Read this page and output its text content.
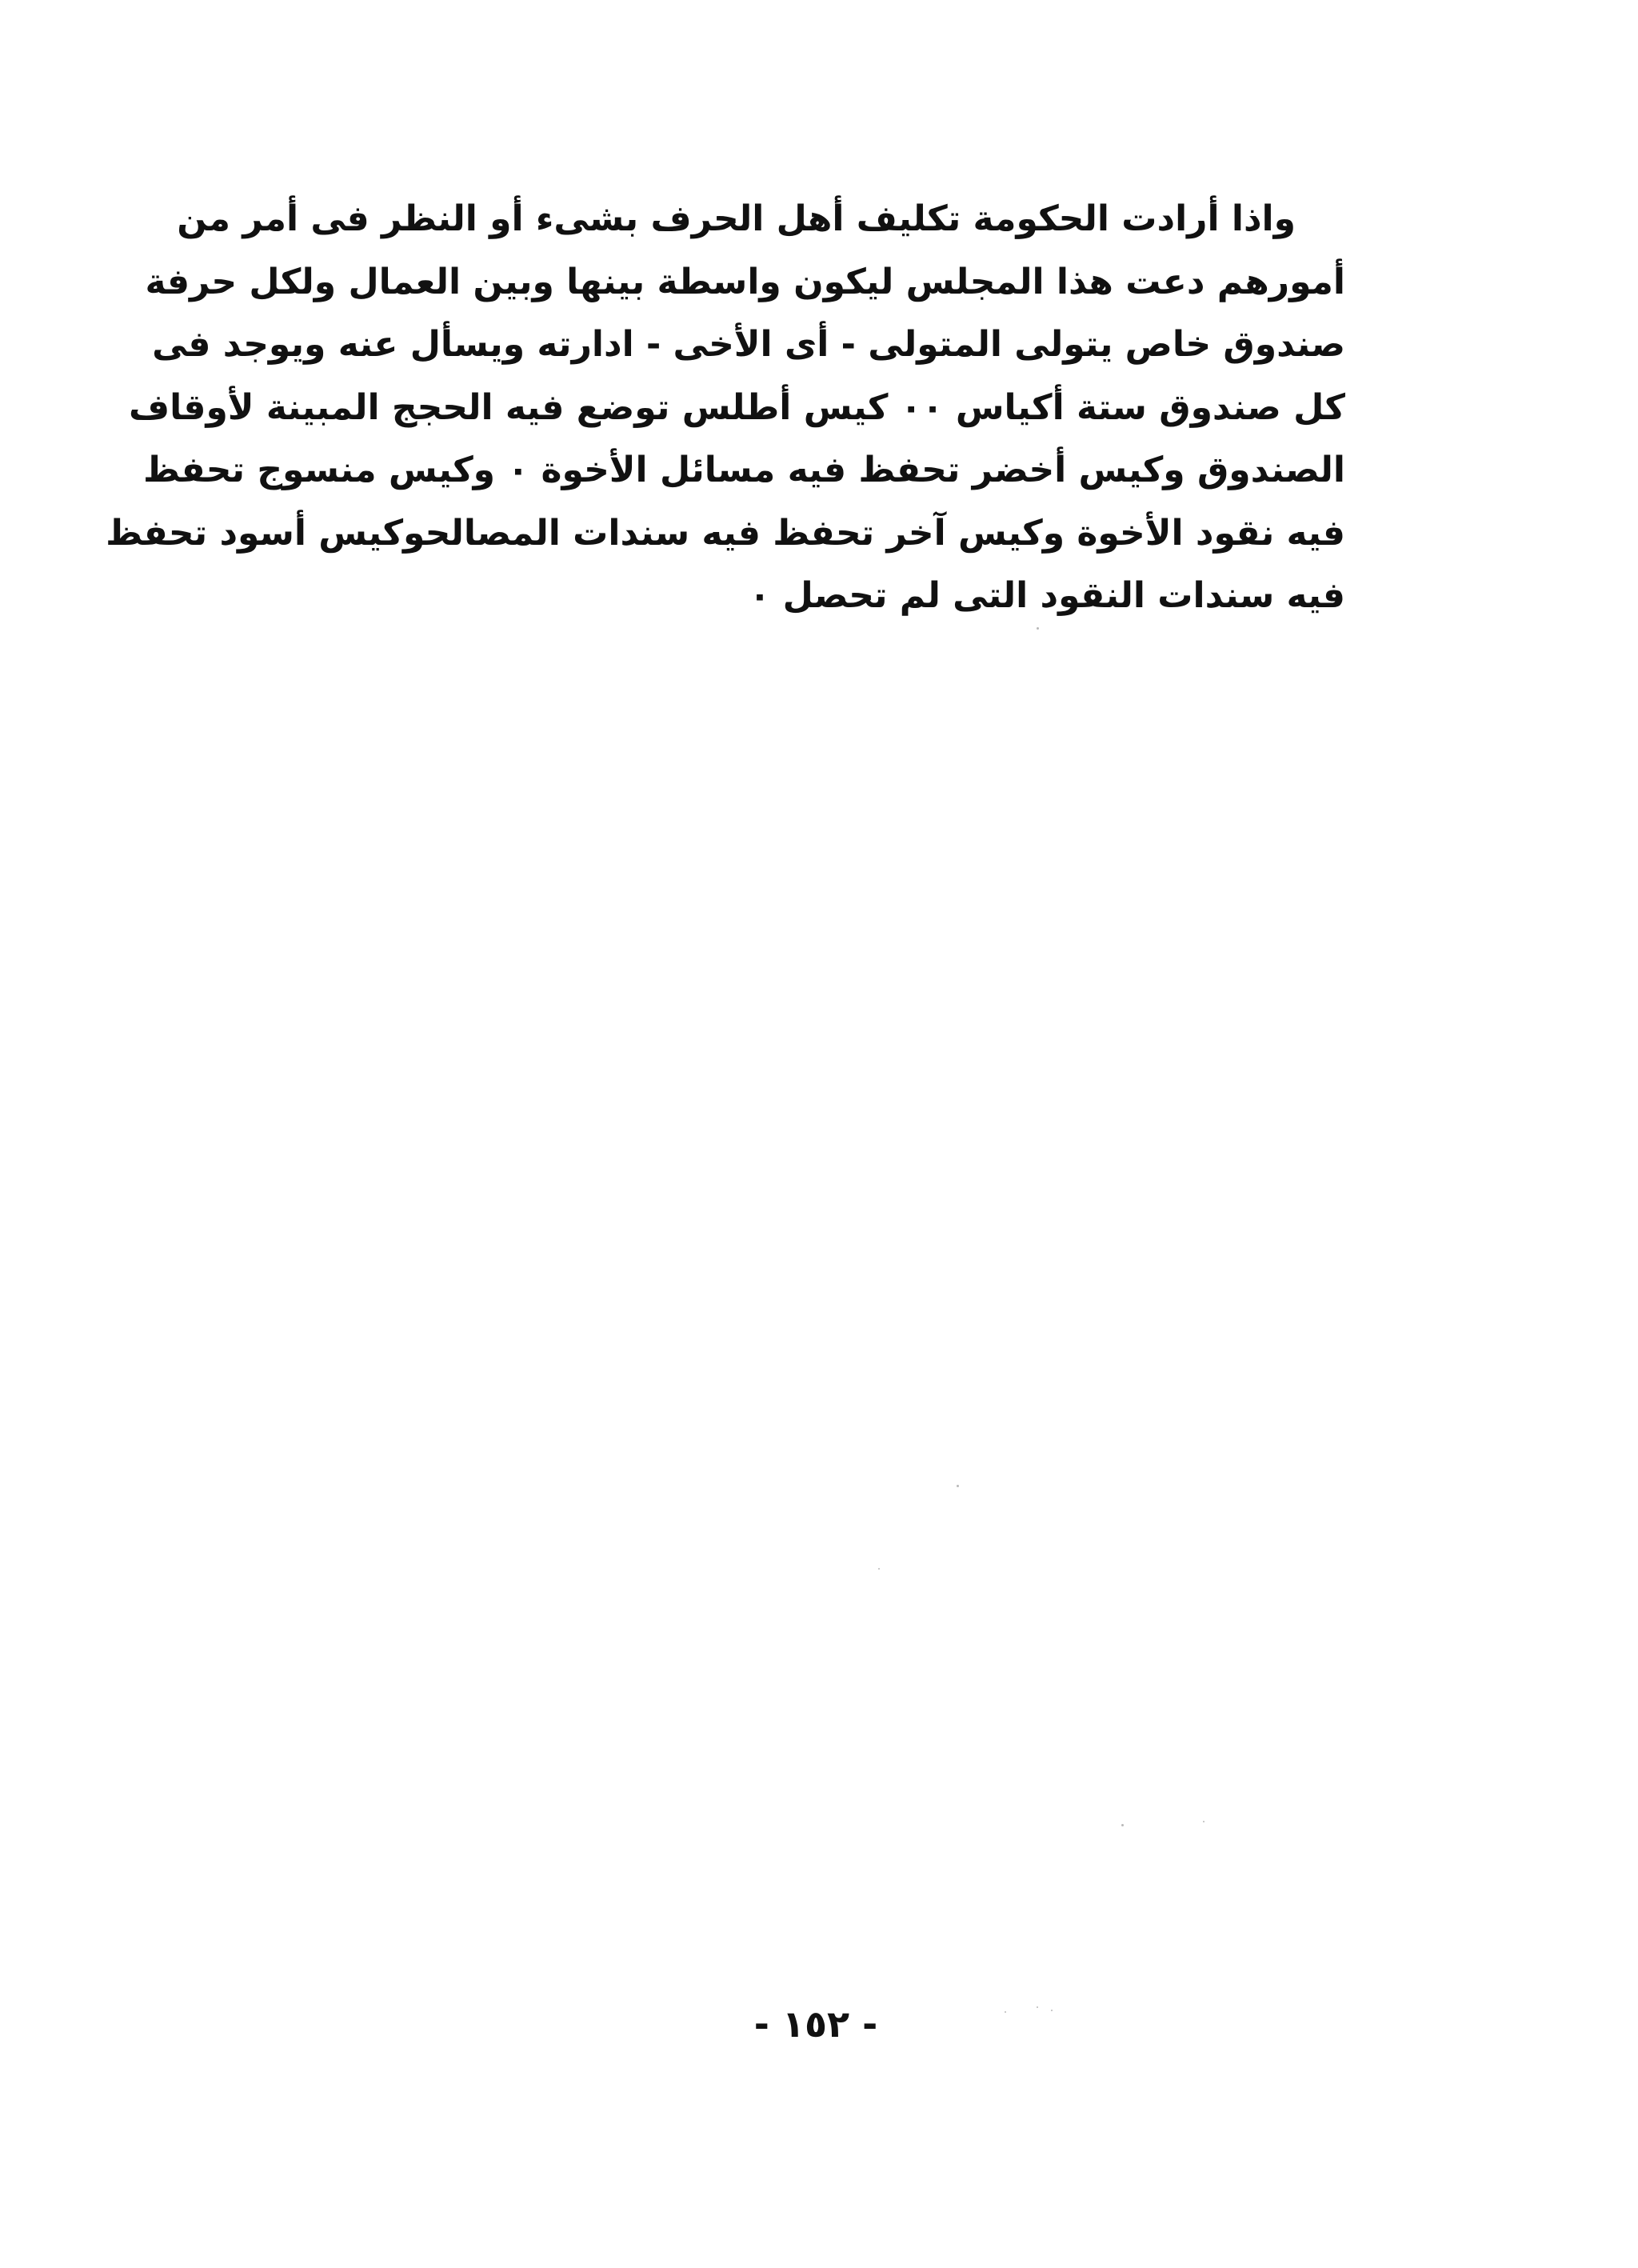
واذا أرادت الحكومة تكليف أهل الحرف بشىء أو النظر فى أمر من
أمورهم دعت هذا المجلس ليكون واسطة بينها وبين العمال ولكل حرفة
صندوق خاص يتولى المتولى - أى الأخى - ادارته ويسأل عنه ويوجد فى
كل صندوق ستة أكياس ٠٠ كيس أطلس توضع فيه الحجج المبينة لأوقاف
الصندوق وكيس أخضر تحفظ فيه مسائل الأخوة ٠ وكيس منسوج تحفظ
فيه نقود الأخوة وكيس آخر تحفظ فيه سندات المصالحوكيس أسود تحفظ
فيه سندات النقود التى لم تحصل ٠
- ١٥٢ -
